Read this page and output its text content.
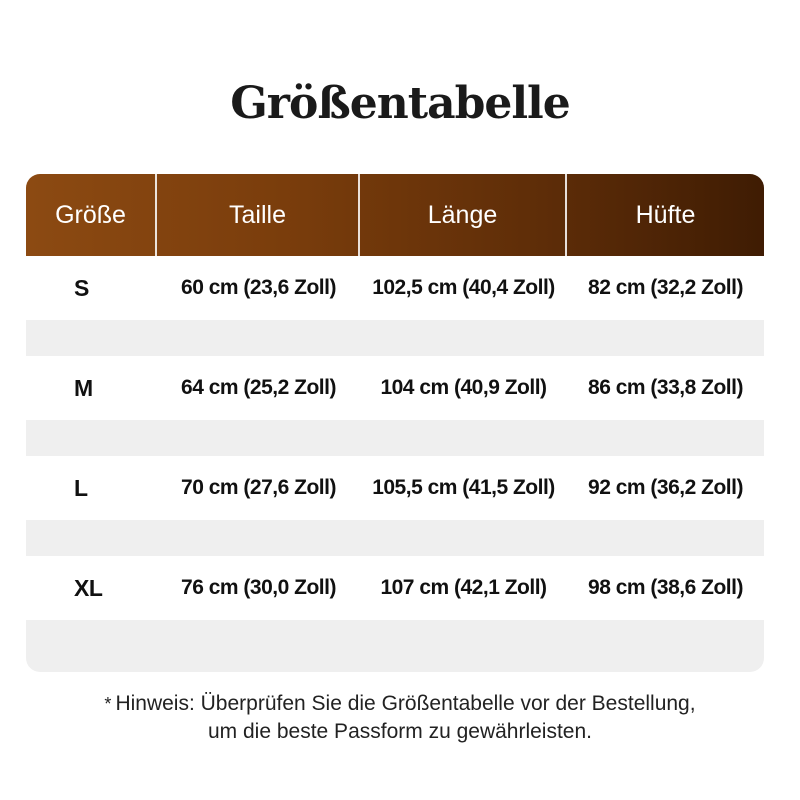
Größentabelle
Größe	Taille	Länge	Hüfte
S	60 cm (23,6 Zoll)	102,5 cm (40,4 Zoll)	82 cm (32,2 Zoll)
M	64 cm (25,2 Zoll)	104 cm (40,9 Zoll)	86 cm (33,8 Zoll)
L	70 cm (27,6 Zoll)	105,5 cm (41,5 Zoll)	92 cm (36,2 Zoll)
XL	76 cm (30,0 Zoll)	107 cm (42,1 Zoll)	98 cm (38,6 Zoll)
* Hinweis: Überprüfen Sie die Größentabelle vor der Bestellung,
um die beste Passform zu gewährleisten.
